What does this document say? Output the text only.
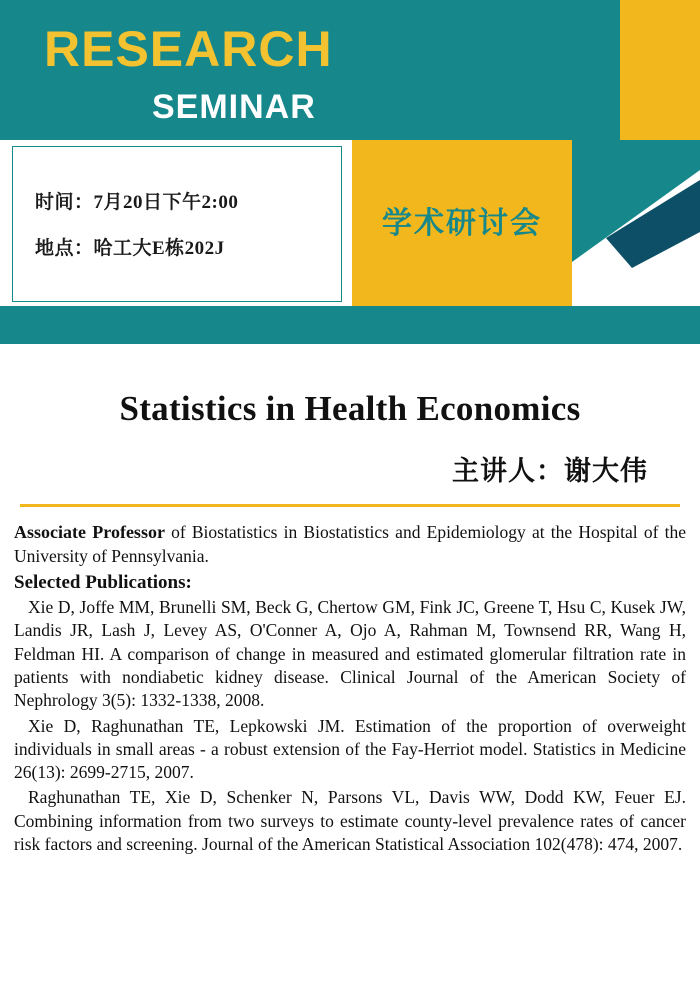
RESEARCH
SEMINAR
时间：7月20日下午2:00
地点：哈工大E栋202J
学术研讨会
Statistics in Health Economics
主讲人：谢大伟
Associate Professor of Biostatistics in Biostatistics and Epidemiology at the Hospital of the University of Pennsylvania.
Selected Publications:
Xie D, Joffe MM, Brunelli SM, Beck G, Chertow GM, Fink JC, Greene T, Hsu C, Kusek JW, Landis JR, Lash J, Levey AS, O'Conner A, Ojo A, Rahman M, Townsend RR, Wang H, Feldman HI. A comparison of change in measured and estimated glomerular filtration rate in patients with nondiabetic kidney disease. Clinical Journal of the American Society of Nephrology 3(5): 1332-1338, 2008.
Xie D, Raghunathan TE, Lepkowski JM. Estimation of the proportion of overweight individuals in small areas - a robust extension of the Fay-Herriot model. Statistics in Medicine 26(13): 2699-2715, 2007.
Raghunathan TE, Xie D, Schenker N, Parsons VL, Davis WW, Dodd KW, Feuer EJ. Combining information from two surveys to estimate county-level prevalence rates of cancer risk factors and screening. Journal of the American Statistical Association 102(478): 474, 2007.
